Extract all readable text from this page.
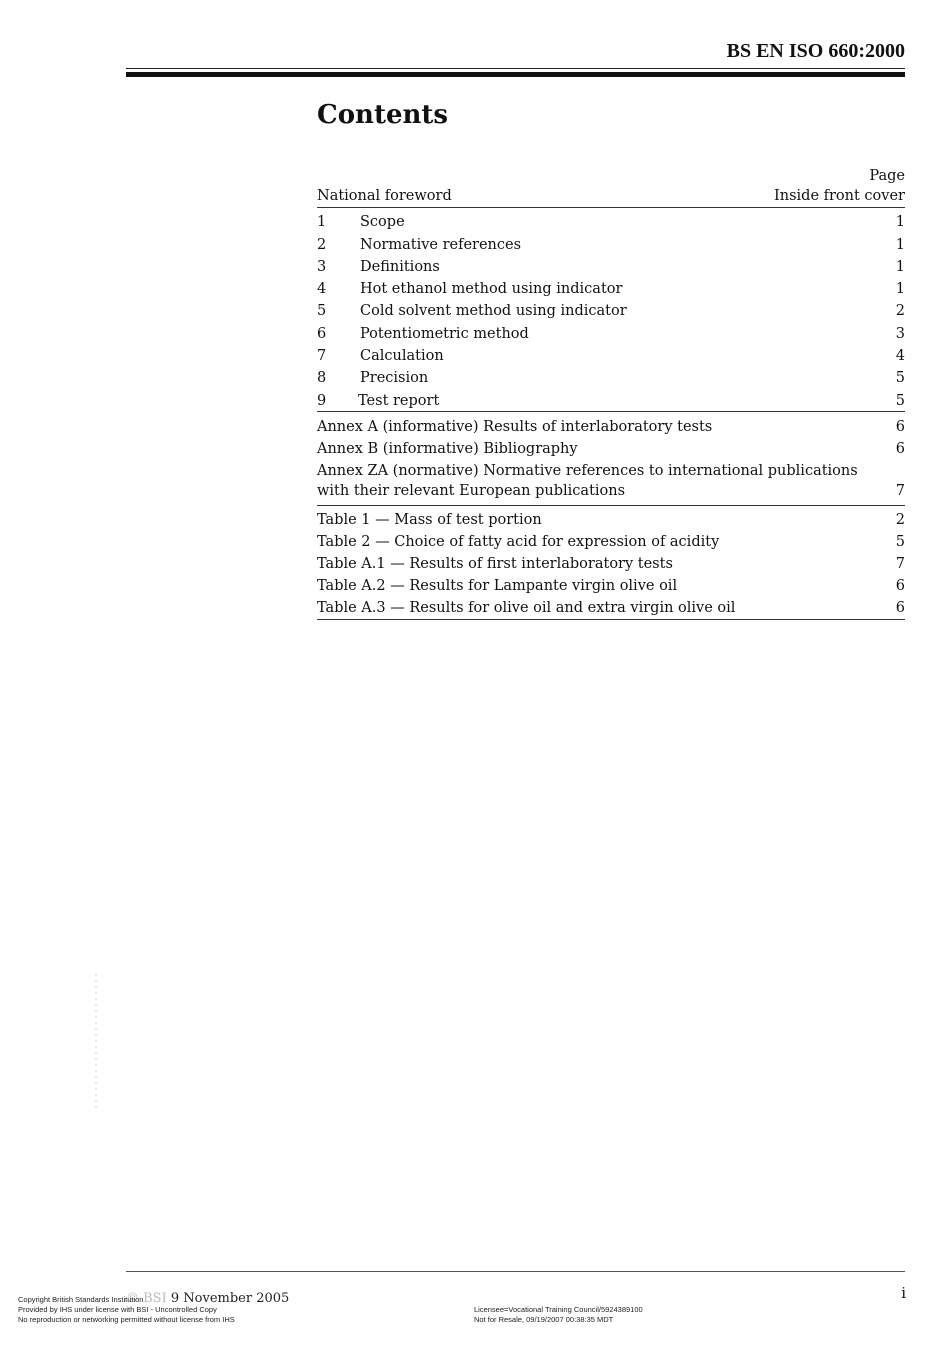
BS EN ISO 660:2000
Contents
Page
National foreword	Inside front cover
1	Scope	1
2	Normative references	1
3	Definitions	1
4	Hot ethanol method using indicator	1
5	Cold solvent method using indicator	2
6	Potentiometric method	3
7	Calculation	4
8	Precision	5
9	Test report	5
Annex A (informative) Results of interlaboratory tests	6
Annex B (informative) Bibliography	6
Annex ZA (normative) Normative references to international publications with their relevant European publications	7
Table 1 — Mass of test portion	2
Table 2 — Choice of fatty acid for expression of acidity	5
Table A.1 — Results of first interlaboratory tests	7
Table A.2 — Results for Lampante virgin olive oil	6
Table A.3 — Results for olive oil and extra virgin olive oil	6
i
© BSI 9 November 2005
Copyright British Standards Institution
Provided by IHS under license with BSI - Uncontrolled Copy
No reproduction or networking permitted without license from IHS
Licensee=Vocational Training Council/5924389100
Not for Resale, 09/19/2007 00:38:35 MDT
